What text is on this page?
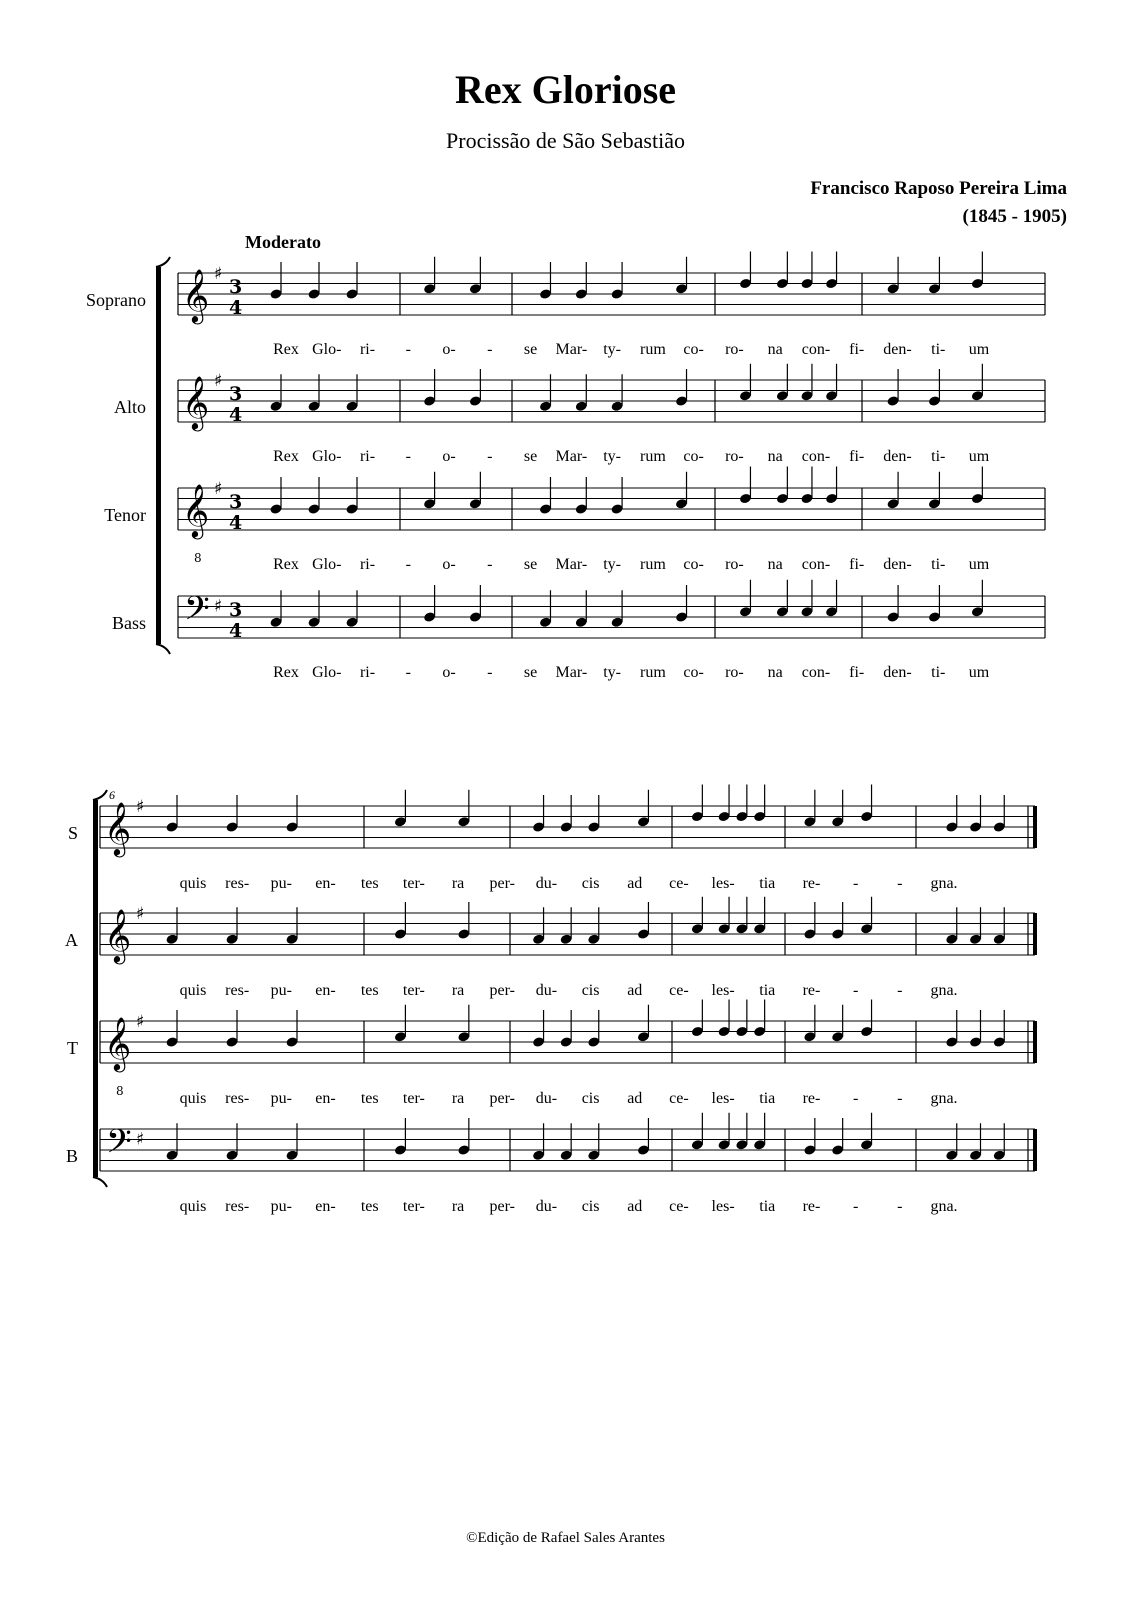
Rex Gloriose
Procissão de São Sebastião
Francisco Raposo Pereira Lima
(1845 - 1905)
Moderato
Soprano
Alto
Tenor
Bass
S
A
T
B
6
𝄞 ♯
3
4
𝄞 ♯
3
4
𝄞
8
♯
3
4
𝄢 ♯ 3
4
𝄞 ♯
𝄞 ♯
𝄞
8
♯
𝄢 ♯
Rex Glo- ri- - o- - se Mar- ty- rum co- ro- na con- fi- den- ti- um
Rex Glo- ri- - o- - se Mar- ty- rum co- ro- na con- fi- den- ti- um
Rex Glo- ri- - o- - se Mar- ty- rum co- ro- na con- fi- den- ti- um
Rex Glo- ri- - o- - se Mar- ty- rum co- ro- na con- fi- den- ti- um
quis res- pu- en- tes ter- ra per- du- cis ad ce- les- tia re- - - gna.
quis res- pu- en- tes ter- ra per- du- cis ad ce- les- tia re- - - gna.
quis res- pu- en- tes ter- ra per- du- cis ad ce- les- tia re- - - gna.
quis res- pu- en- tes ter- ra per- du- cis ad ce- les- tia re- - - gna.
©Edição de Rafael Sales Arantes
